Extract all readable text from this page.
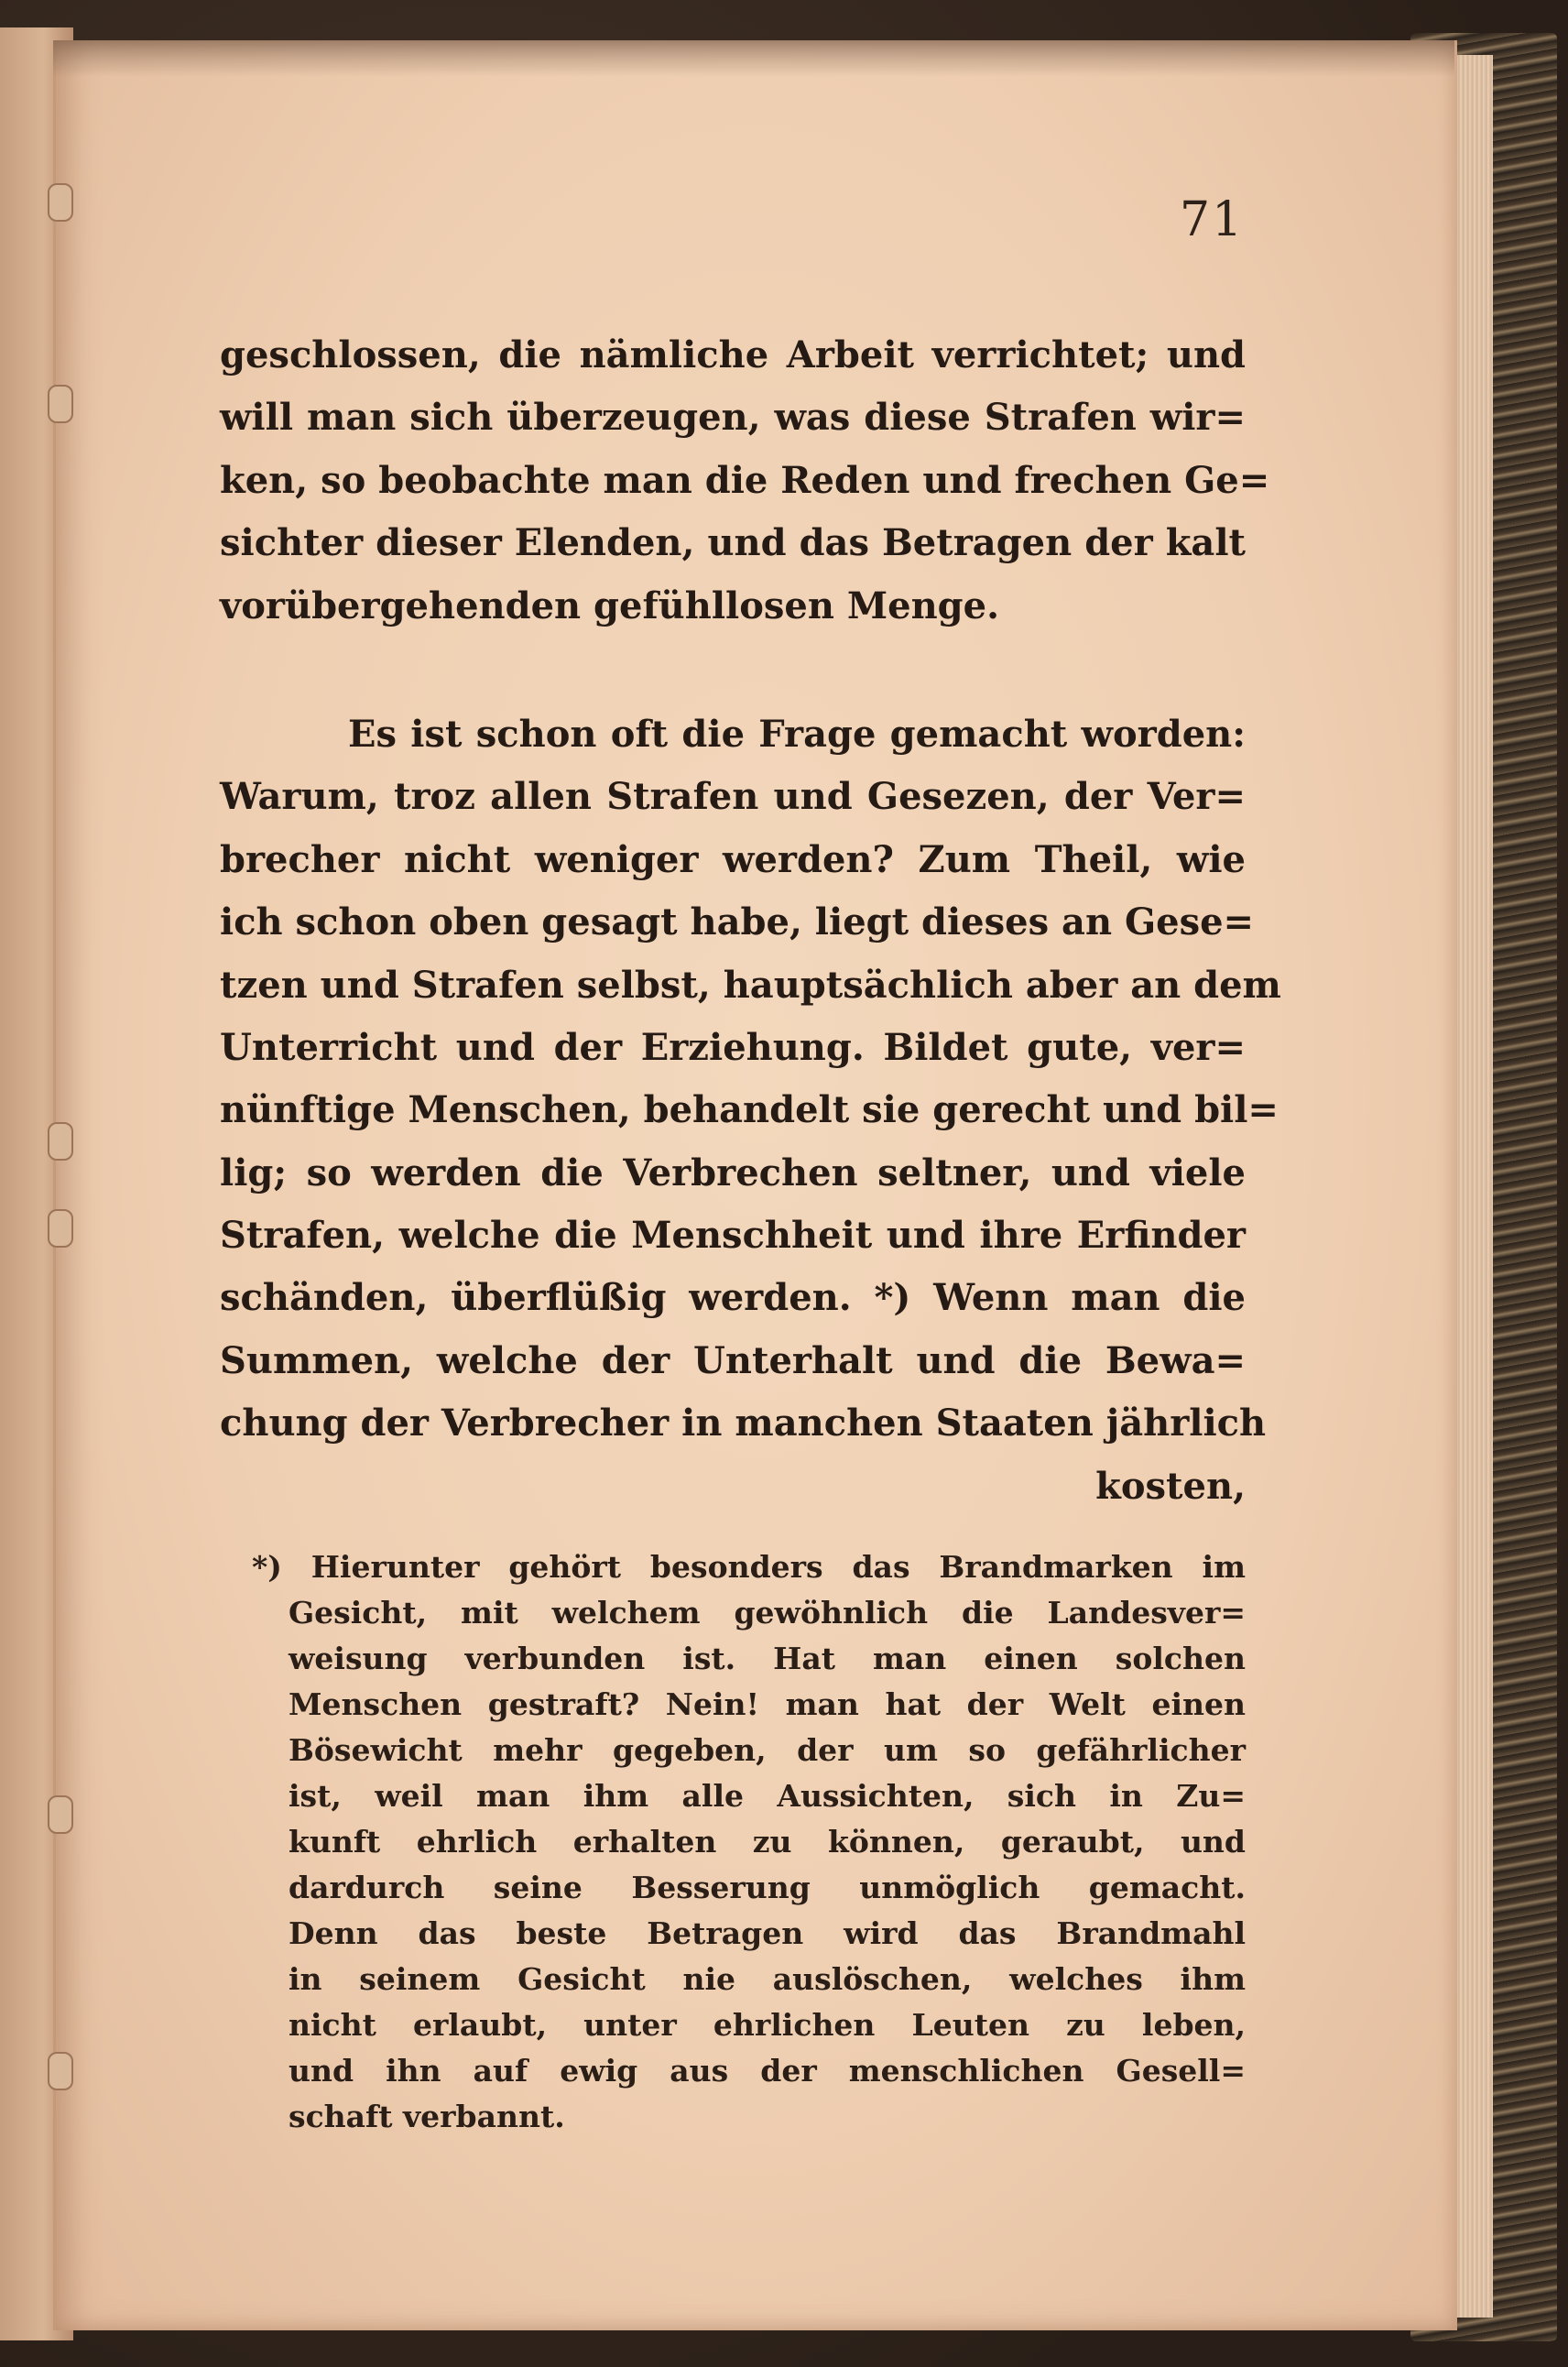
71
geschlossen, die nämliche Arbeit verrichtet; und
will man sich überzeugen, was diese Strafen wir=
ken, so beobachte man die Reden und frechen Ge=
sichter dieser Elenden, und das Betragen der kalt
vorübergehenden gefühllosen Menge.
Es ist schon oft die Frage gemacht worden:
Warum, troz allen Strafen und Gesezen, der Ver=
brecher nicht weniger werden? Zum Theil, wie
ich schon oben gesagt habe, liegt dieses an Gese=
tzen und Strafen selbst, hauptsächlich aber an dem
Unterricht und der Erziehung. Bildet gute, ver=
nünftige Menschen, behandelt sie gerecht und bil=
lig; so werden die Verbrechen seltner, und viele
Strafen, welche die Menschheit und ihre Erfinder
schänden, überflüßig werden. *) Wenn man die
Summen, welche der Unterhalt und die Bewa=
chung der Verbrecher in manchen Staaten jährlich
kosten,
*) Hierunter gehört besonders das Brandmarken im
Gesicht, mit welchem gewöhnlich die Landesver=
weisung verbunden ist. Hat man einen solchen
Menschen gestraft? Nein! man hat der Welt einen
Bösewicht mehr gegeben, der um so gefährlicher
ist, weil man ihm alle Aussichten, sich in Zu=
kunft ehrlich erhalten zu können, geraubt, und
dardurch seine Besserung unmöglich gemacht.
Denn das beste Betragen wird das Brandmahl
in seinem Gesicht nie auslöschen, welches ihm
nicht erlaubt, unter ehrlichen Leuten zu leben,
und ihn auf ewig aus der menschlichen Gesell=
schaft verbannt.
